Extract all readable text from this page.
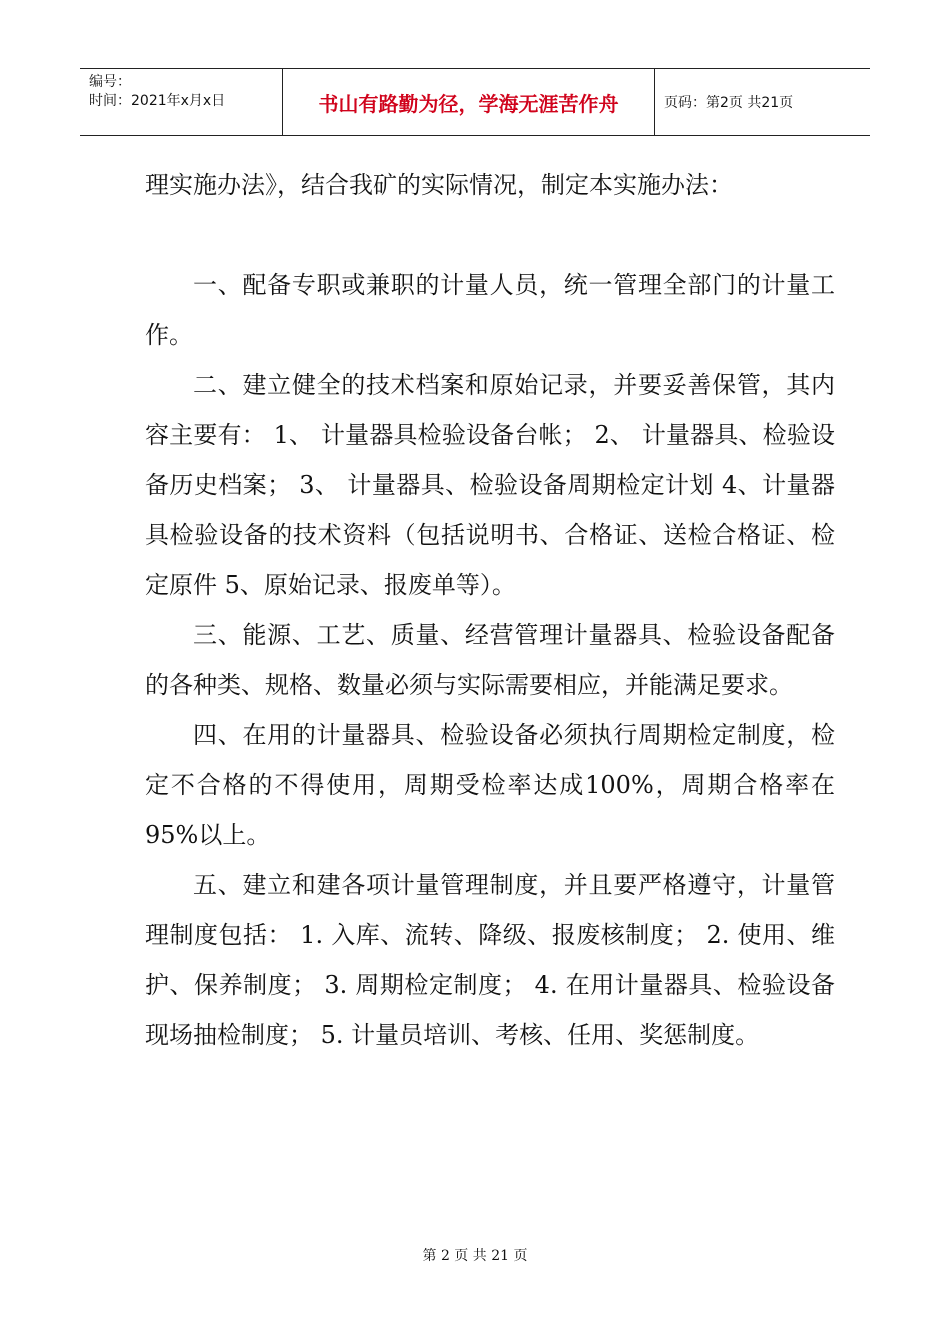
编号：
时间：2021年x月x日	书山有路勤为径，学海无涯苦作舟	页码：第2页 共21页

理实施办法》，结合我矿的实际情况，制定本实施办法：

一、配备专职或兼职的计量人员，统一管理全部门的计量工作。

二、建立健全的技术档案和原始记录，并要妥善保管，其内容主要有： 1、 计量器具检验设备台帐； 2、 计量器具、检验设备历史档案； 3、 计量器具、检验设备周期检定计划 4、计量器具检验设备的技术资料（包括说明书、合格证、送检合格证、检定原件 5、原始记录、报废单等）。

三、能源、工艺、质量、经营管理计量器具、检验设备配备的各种类、规格、数量必须与实际需要相应，并能满足要求。

四、在用的计量器具、检验设备必须执行周期检定制度，检定不合格的不得使用，周期受检率达成100%，周期合格率在95%以上。

五、建立和建各项计量管理制度，并且要严格遵守，计量管理制度包括： 1. 入库、流转、降级、报废核制度； 2. 使用、维护、保养制度； 3. 周期检定制度； 4. 在用计量器具、检验设备现场抽检制度； 5. 计量员培训、考核、任用、奖惩制度。

第 2 页 共 21 页
